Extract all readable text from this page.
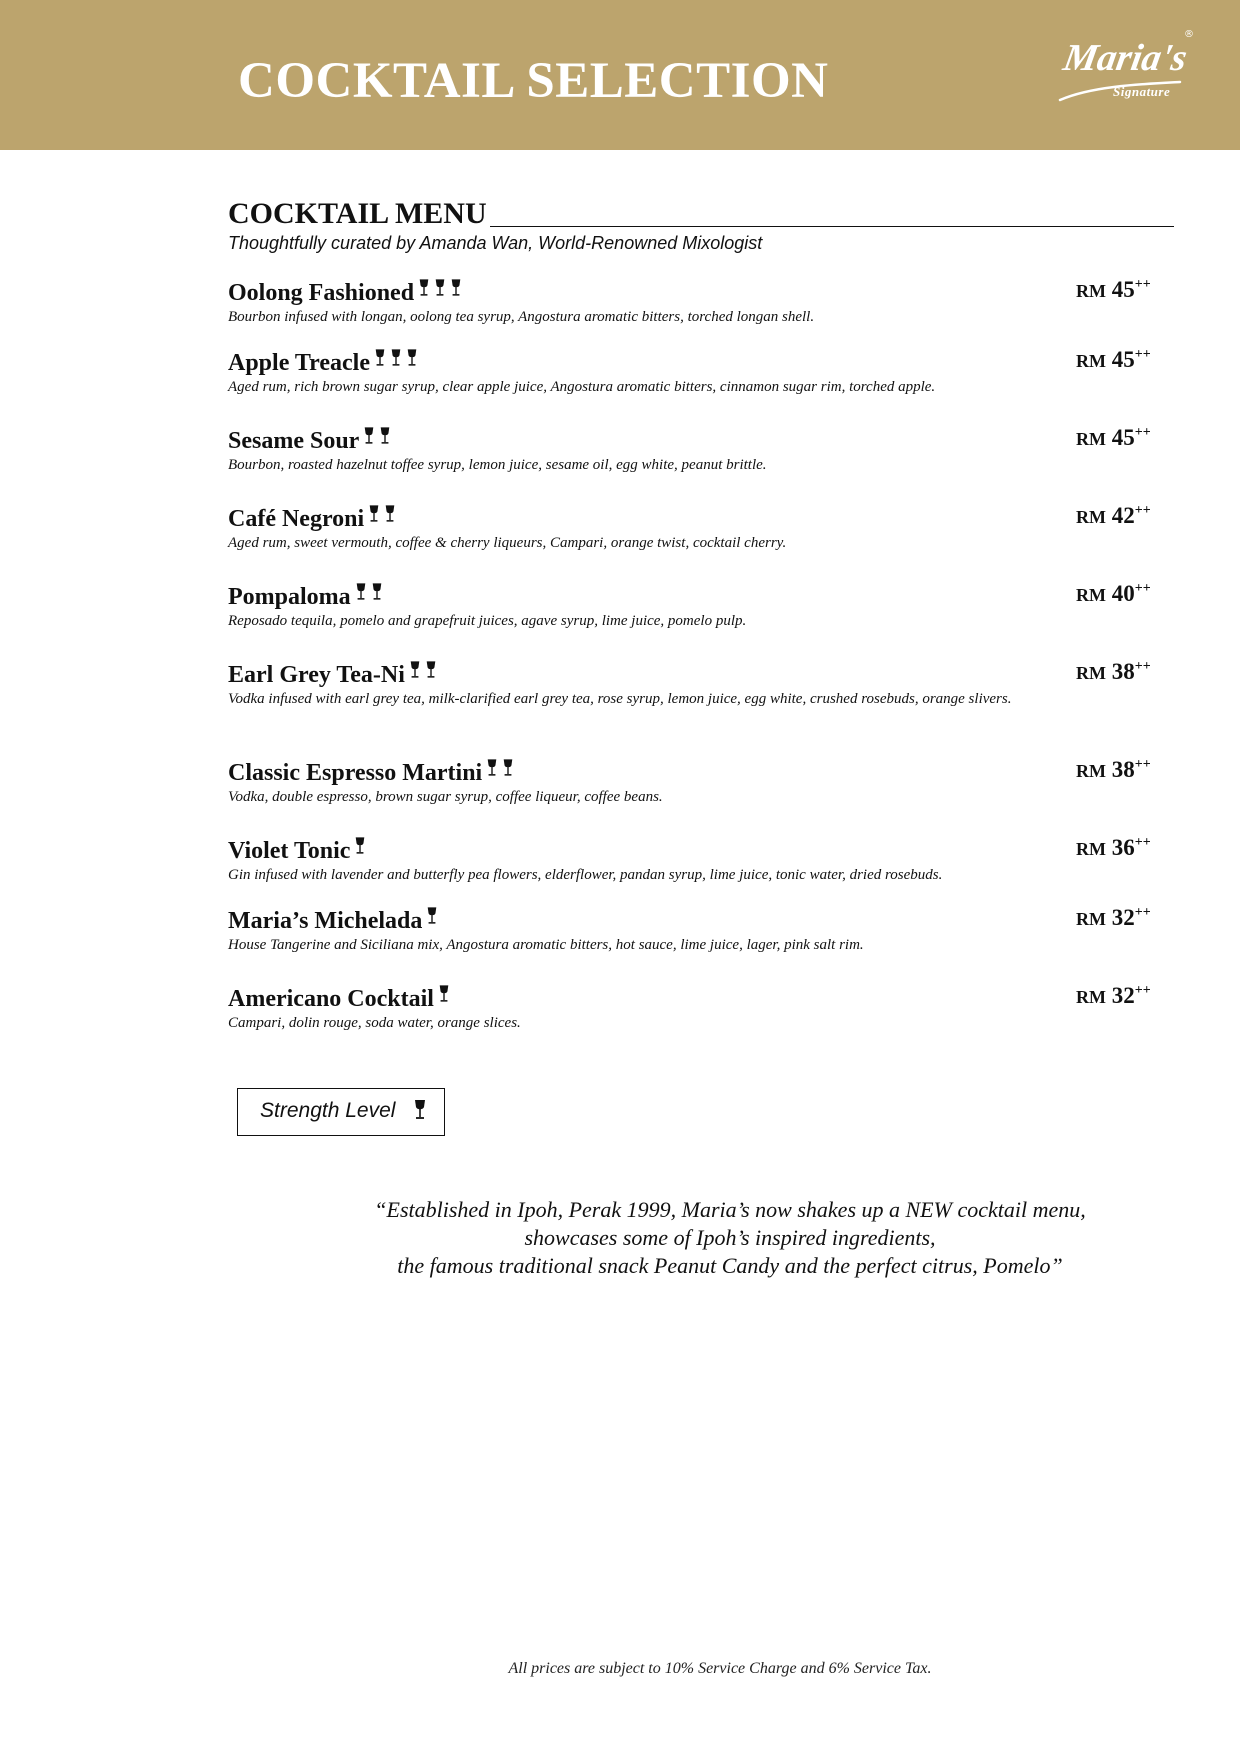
COCKTAIL SELECTION	Maria's
Signature
®
COCKTAIL MENU
Thoughtfully curated by Amanda Wan, World-Renowned Mixologist
Oolong Fashioned
Bourbon infused with longan, oolong tea syrup, Angostura aromatic bitters, torched longan shell.
RM 45++
Apple Treacle
Aged rum, rich brown sugar syrup, clear apple juice, Angostura aromatic bitters, cinnamon sugar rim, torched apple.
RM 45++
Sesame Sour
Bourbon, roasted hazelnut toffee syrup, lemon juice, sesame oil, egg white, peanut brittle.
RM 45++
Café Negroni
Aged rum, sweet vermouth, coffee & cherry liqueurs, Campari, orange twist, cocktail cherry.
RM 42++
Pompaloma
Reposado tequila, pomelo and grapefruit juices, agave syrup, lime juice, pomelo pulp.
RM 40++
Earl Grey Tea-Ni
Vodka infused with earl grey tea, milk-clarified earl grey tea, rose syrup, lemon juice, egg white, crushed rosebuds, orange slivers.
RM 38++
Classic Espresso Martini
Vodka, double espresso, brown sugar syrup, coffee liqueur, coffee beans.
RM 38++
Violet Tonic
Gin infused with lavender and butterfly pea flowers, elderflower, pandan syrup, lime juice, tonic water, dried rosebuds.
RM 36++
Maria’s Michelada
House Tangerine and Siciliana mix, Angostura aromatic bitters, hot sauce, lime juice, lager, pink salt rim.
RM 32++
Americano Cocktail
Campari, dolin rouge, soda water, orange slices.
RM 32++
Strength Level
“Established in Ipoh, Perak 1999, Maria’s now shakes up a NEW cocktail menu,
showcases some of Ipoh’s inspired ingredients,
the famous traditional snack Peanut Candy and the perfect citrus, Pomelo”
All prices are subject to 10% Service Charge and 6% Service Tax.
